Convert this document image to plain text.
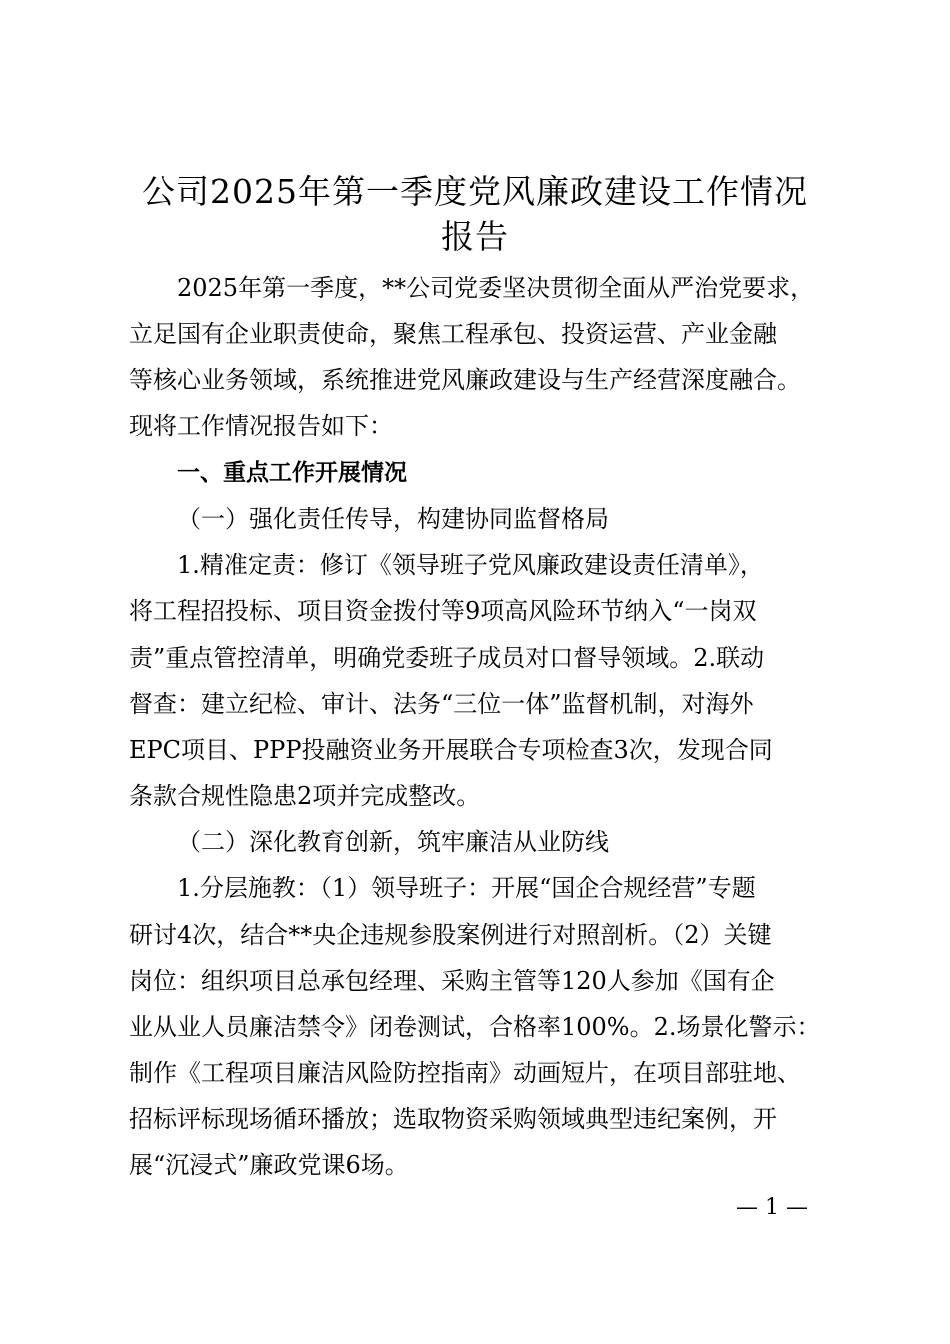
公司2025年第一季度党风廉政建设工作情况
报告

2025年第一季度，**公司党委坚决贯彻全面从严治党要求，

立足国有企业职责使命，聚焦工程承包、投资运营、产业金融

等核心业务领域，系统推进党风廉政建设与生产经营深度融合。

现将工作情况报告如下：

一、重点工作开展情况

（一）强化责任传导，构建协同监督格局

1.精准定责：修订《领导班子党风廉政建设责任清单》，

将工程招投标、项目资金拨付等9项高风险环节纳入“一岗双

责”重点管控清单，明确党委班子成员对口督导领域。2.联动

督查：建立纪检、审计、法务“三位一体”监督机制，对海外

EPC项目、PPP投融资业务开展联合专项检查3次，发现合同

条款合规性隐患2项并完成整改。

（二）深化教育创新，筑牢廉洁从业防线

1.分层施教：（1）领导班子：开展“国企合规经营”专题

研讨4次，结合**央企违规参股案例进行对照剖析。（2）关键

岗位：组织项目总承包经理、采购主管等120人参加《国有企

业从业人员廉洁禁令》闭卷测试，合格率100%。2.场景化警示：

制作《工程项目廉洁风险防控指南》动画短片，在项目部驻地、

招标评标现场循环播放；选取物资采购领域典型违纪案例，开

展“沉浸式”廉政党课6场。

— 1 —
